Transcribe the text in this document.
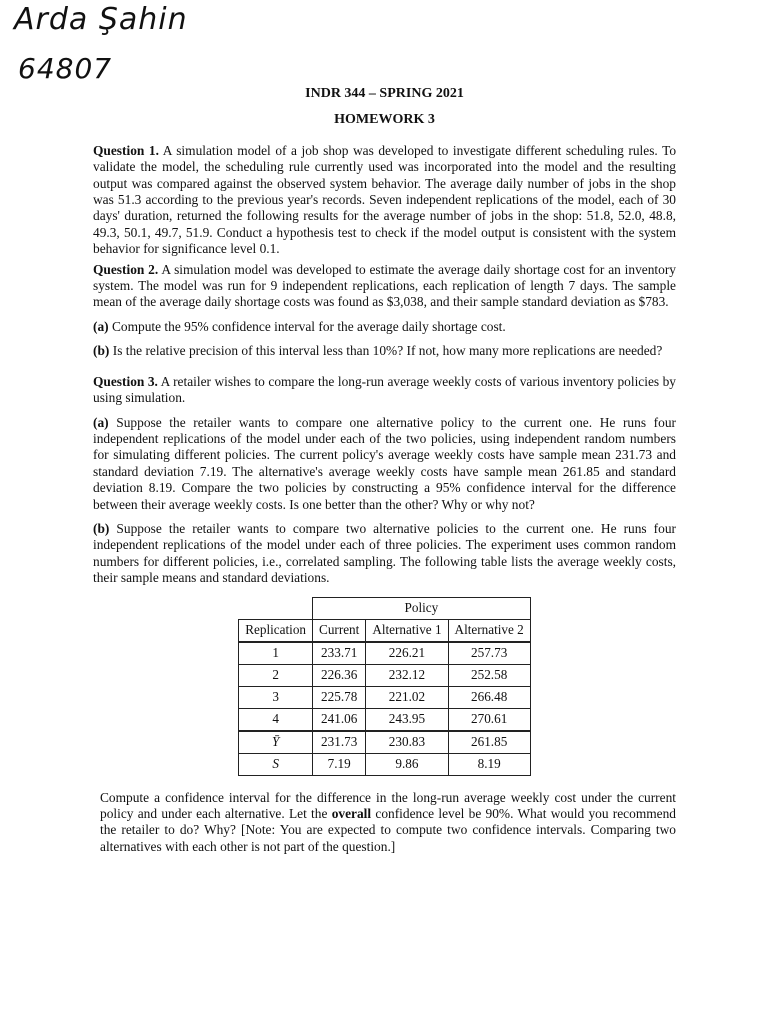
Arda Şahin
64807
INDR 344 – SPRING 2021
HOMEWORK 3

Question 1. A simulation model of a job shop was developed to investigate different scheduling rules. To validate the model, the scheduling rule currently used was incorporated into the model and the resulting output was compared against the observed system behavior. The average daily number of jobs in the shop was 51.3 according to the previous year's records. Seven independent replications of the model, each of 30 days' duration, returned the following results for the average number of jobs in the shop: 51.8, 52.0, 48.8, 49.3, 50.1, 49.7, 51.9. Conduct a hypothesis test to check if the model output is consistent with the system behavior for significance level 0.1.

Question 2. A simulation model was developed to estimate the average daily shortage cost for an inventory system. The model was run for 9 independent replications, each replication of length 7 days. The sample mean of the average daily shortage costs was found as $3,038, and their sample standard deviation as $783.

(a) Compute the 95% confidence interval for the average daily shortage cost.

(b) Is the relative precision of this interval less than 10%? If not, how many more replications are needed?

Question 3. A retailer wishes to compare the long-run average weekly costs of various inventory policies by using simulation.

(a) Suppose the retailer wants to compare one alternative policy to the current one. He runs four independent replications of the model under each of the two policies, using independent random numbers for simulating different policies. The current policy's average weekly costs have sample mean 231.73 and standard deviation 7.19. The alternative's average weekly costs have sample mean 261.85 and standard deviation 8.19. Compare the two policies by constructing a 95% confidence interval for the difference between their average weekly costs. Is one better than the other? Why or why not?

(b) Suppose the retailer wants to compare two alternative policies to the current one. He runs four independent replications of the model under each of three policies. The experiment uses common random numbers for different policies, i.e., correlated sampling. The following table lists the average weekly costs, their sample means and standard deviations.

	Policy		
Replication	Current	Alternative 1	Alternative 2
1	233.71	226.21	257.73
2	226.36	232.12	252.58
3	225.78	221.02	266.48
4	241.06	243.95	270.61
Ȳ	231.73	230.83	261.85
S	7.19	9.86	8.19

Compute a confidence interval for the difference in the long-run average weekly cost under the current policy and under each alternative. Let the overall confidence level be 90%. What would you recommend the retailer to do? Why? [Note: You are expected to compute two confidence intervals. Comparing two alternatives with each other is not part of the question.]
